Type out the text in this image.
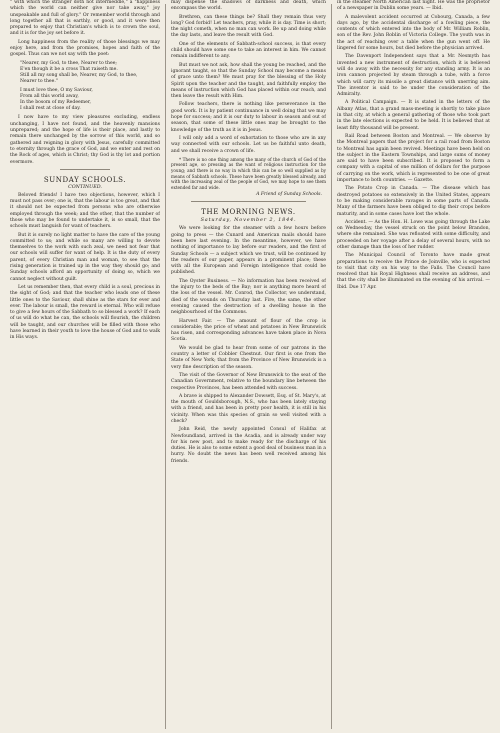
" with which the stranger doth not intermeddle," a "happiness which the world can neither give nor take away," joy unspeakable and full of glory." Or remember world through and long together all that is earthly, or good, and it were then prepared to enjoy that Christian's which is to crown the soul, and it is for the joy set before it.

Long happiness from the reality of those blessings we may enjoy here, and from the promises, hopes and faith of the gospel. Thus can we not say with the poet:

"Nearer, my God, to thee, Nearer to thee;
E'en though it be a cross That raiseth me.
Still all my song shall be, Nearer, my God, to thee,
Nearer to thee."
I must love thee, O my Saviour,
From all this world away,
In the bosom of my Redeemer,
I shall rest at close of day.

I now have to my view pleasures excluding, endless unchanging, I have not found, and the heavenly mansions unprepared; and the hope of life is their place, and lastly to remain there unchanged by the sorrow of this world, and so gathered and reigning in glory with Jesus, carefully committed to eternity through the grace of God, and we enter and rest on the Rock of ages, which is Christ; thy God is thy lot and portion evermore.

SUNDAY SCHOOLS.
CONTINUED.

Beloved friends! I have two objections, however, which I must not pass over; one is, that the labour is too great, and that it should not be expected from persons who are otherwise employed through the week; and the other, that the number of those who may be found to undertake it, is so small, that the schools must languish for want of teachers.

But it is surely no light matter to have the care of the young committed to us; and while so many are willing to devote themselves to the work with such zeal, we need not fear that our schools will suffer for want of help. It is the duty of every parent, of every Christian man and woman, to see that the rising generation is trained up in the way they should go; and Sunday schools afford an opportunity of doing so, which we cannot neglect without guilt.

Let us remember then, that every child is a soul, precious in the sight of God; and that the teacher who leads one of these little ones to the Saviour, shall shine as the stars for ever and ever. The labour is small, the reward is eternal. Who will refuse to give a few hours of the Sabbath to so blessed a work? If each of us will do what he can, the schools will flourish, the children will be taught, and our churches will be filled with those who have learned in their youth to love the house of God and to walk in His ways.

may dispense the shadows of darkness and death, which encompass the world.

Brethren, can these things be? Shall they remain thus very long? God forbid! Let teachers, pray, while it is day. Time is short; the night cometh, when no man can work. Be up and doing while the day lasts, and leave the result with God.

One of the elements of Sabbath-school success, is that every child should have some one to take an interest in him. We cannot remain indifferent to any.

But must we not ask, how shall the young be reached, and the ignorant taught, so that the Sunday School may become a means of grace unto them? We must pray for the blessing of the Holy Spirit upon the teacher and the taught, and faithfully employ the means of instruction which God has placed within our reach, and then leave the result with Him.

Follow teachers, there is nothing like perseverance in the good work. It is by patient continuance in well doing that we may hope for success; and it is our duty to labour in season and out of season, that some of these little ones may be brought to the knowledge of the truth as it is in Jesus.

I will only add a word of exhortation to those who are in any way connected with our schools. Let us be faithful unto death, and we shall receive a crown of life.

* There is no one thing among the many of the church of God of the present age, so pressing as the want of religious instruction for the young; and there is no way in which this can be so well supplied as by means of Sabbath schools. These have been greatly blessed already, and with the increasing zeal of the people of God, we may hope to see them extended far and wide.

A Friend of Sunday Schools.
THE MORNING NEWS.
Saturday, November 2, 1844.

We were looking for the steamer with a few hours before going to press — the Cunard and American mails should have been here last evening. In the meantime, however, we have nothing of importance to lay before our readers, and the first of Sunday Schools — a subject which we trust, will be continued by the readers of our paper, appears in a prominent place; these with all the European and Foreign intelligence that could be published.

The Oyster Business. — No information has been received of the injury to the beds of the Bay; nor is anything more heard of the loss of the vessel. Mr. Conrod, the Collector, we understand, died of the wounds on Thursday last. Fire, the same, the other evening caused the destruction of a dwelling house in the neighbourhood of the Commons.

Harvest Fair. — The amount of flour of the crop is considerable; the price of wheat and potatoes in New Brunswick has risen, and corresponding advances have taken place in Nova Scotia.

We would be glad to hear from some of our patrons in the country a letter of Cobbler Chestnut. Our first is one from the State of New York; that from the Province of New Brunswick is a very fine description of the season.

The visit of the Governor of New Brunswick to the seat of the Canadian Government, relative to the boundary line between the respective Provinces, has been attended with success.

A brave is shipped to Alexander Dowsett, Esq. of St. Mary's, at the mouth of Gouldsborough, N.S., who has been lately staying with a friend, and has been in pretty poor health, it is still in his vicinity. When was this species of grain so well visited with a check?

John Reid, the newly appointed Consul of Halifax at Newfoundland, arrived in the Acadia, and is already under way for his new post, and to make ready for the discharge of his duties. He is also to some extent a good deal of business man in a hurry. No doubt the news has been well received among his friends.

in the steamer North American last night. He was the proprietor of a newspaper in Dublin some years. — Ibid.

A malevolent accident occurred at Cobourg, Canada, a few days ago, by the accidental discharge of a fowling piece, the contents of which entered into the body of Mr. William Roblin, son of the Rev. John Roblin of Victoria College. The youth was in the act of reaching over a table when the gun went off. He lingered for some hours, but died before the physician arrived.

The Davenport Independent says that a Mr. Nesmyth has invented a new instrument of destruction, which it is believed will do away with the necessity for any standing army. It is an iron cannon projected by steam through a tube, with a force which will carry its missile a great distance with unerring aim. The inventor is said to be under the consideration of the Admiralty.

A Political Campaign. — It is stated in the letters of the Albany Atlas, that a grand mass-meeting is shortly to take place in that city, at which a general gathering of those who took part in the late elections is expected to be held. It is believed that at least fifty thousand will be present.

Rail Road between Boston and Montreal. — We observe by the Montreal papers that the project for a rail road from Boston to Montreal has again been revived. Meetings have been held on the subject in the Eastern Townships, and large sums of money are said to have been subscribed. It is proposed to form a company with a capital of one million of dollars for the purpose of carrying on the work, which is represented to be one of great importance to both countries. — Gazette.

The Potato Crop in Canada. — The disease which has destroyed potatoes so extensively in the United States, appears to be making considerable ravages in some parts of Canada. Many of the farmers have been obliged to dig their crops before maturity, and in some cases have lost the whole.

Accident. — As the Hon. H. Lowe was going through the Lake on Wednesday, the vessel struck on the point below Brandon, where she remained. She was refloated with some difficulty, and proceeded on her voyage after a delay of several hours, with no other damage than the loss of her rudder.

The Municipal Council of Toronto have made great preparations to receive the Prince de Joinville, who is expected to visit that city on his way to the Falls. The Council have resolved that his Royal Highness shall receive an address, and that the city shall be illuminated on the evening of his arrival. — Ibid. Due 17 Apr.
